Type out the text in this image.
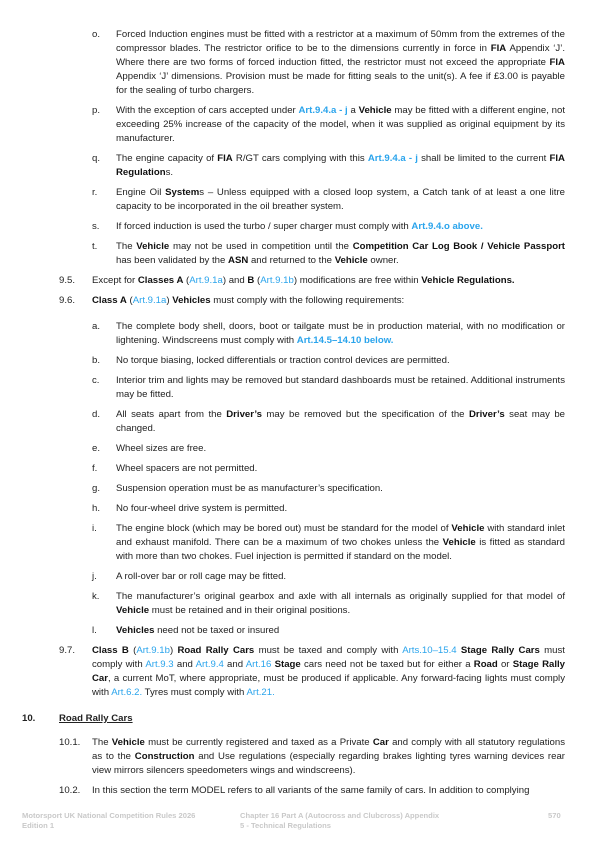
o. Forced Induction engines must be fitted with a restrictor at a maximum of 50mm from the extremes of the compressor blades. The restrictor orifice to be to the dimensions currently in force in FIA Appendix ‘J’. Where there are two forms of forced induction fitted, the restrictor must not exceed the appropriate FIA Appendix ‘J’ dimensions. Provision must be made for fitting seals to the unit(s). A fee if £3.00 is payable for the sealing of turbo chargers.
p. With the exception of cars accepted under Art.9.4.a - j a Vehicle may be fitted with a different engine, not exceeding 25% increase of the capacity of the model, when it was supplied as original equipment by its manufacturer.
q. The engine capacity of FIA R/GT cars complying with this Art.9.4.a - j shall be limited to the current FIA Regulations.
r. Engine Oil Systems – Unless equipped with a closed loop system, a Catch tank of at least a one litre capacity to be incorporated in the oil breather system.
s. If forced induction is used the turbo / super charger must comply with Art.9.4.o above.
t. The Vehicle may not be used in competition until the Competition Car Log Book / Vehicle Passport has been validated by the ASN and returned to the Vehicle owner.
9.5. Except for Classes A (Art.9.1a) and B (Art.9.1b) modifications are free within Vehicle Regulations.
9.6. Class A (Art.9.1a) Vehicles must comply with the following requirements:
a. The complete body shell, doors, boot or tailgate must be in production material, with no modification or lightening. Windscreens must comply with Art.14.5–14.10 below.
b. No torque biasing, locked differentials or traction control devices are permitted.
c. Interior trim and lights may be removed but standard dashboards must be retained. Additional instruments may be fitted.
d. All seats apart from the Driver’s may be removed but the specification of the Driver’s seat may be changed.
e. Wheel sizes are free.
f. Wheel spacers are not permitted.
g. Suspension operation must be as manufacturer’s specification.
h. No four-wheel drive system is permitted.
i. The engine block (which may be bored out) must be standard for the model of Vehicle with standard inlet and exhaust manifold. There can be a maximum of two chokes unless the Vehicle is fitted as standard with more than two chokes. Fuel injection is permitted if standard on the model.
j. A roll-over bar or roll cage may be fitted.
k. The manufacturer’s original gearbox and axle with all internals as originally supplied for that model of Vehicle must be retained and in their original positions.
l. Vehicles need not be taxed or insured
9.7. Class B (Art.9.1b) Road Rally Cars must be taxed and comply with Arts.10–15.4 Stage Rally Cars must comply with Art.9.3 and Art.9.4 and Art.16 Stage cars need not be taxed but for either a Road or Stage Rally Car, a current MoT, where appropriate, must be produced if applicable. Any forward-facing lights must comply with Art.6.2. Tyres must comply with Art.21.
10. Road Rally Cars
10.1. The Vehicle must be currently registered and taxed as a Private Car and comply with all statutory regulations as to the Construction and Use regulations (especially regarding brakes lighting tyres warning devices rear view mirrors silencers speedometers wings and windscreens).
10.2. In this section the term MODEL refers to all variants of the same family of cars. In addition to complying
Motorsport UK National Competition Rules 2026 Edition 1
Chapter 16 Part A (Autocross and Clubcross) Appendix 5 - Technical Regulations
570
